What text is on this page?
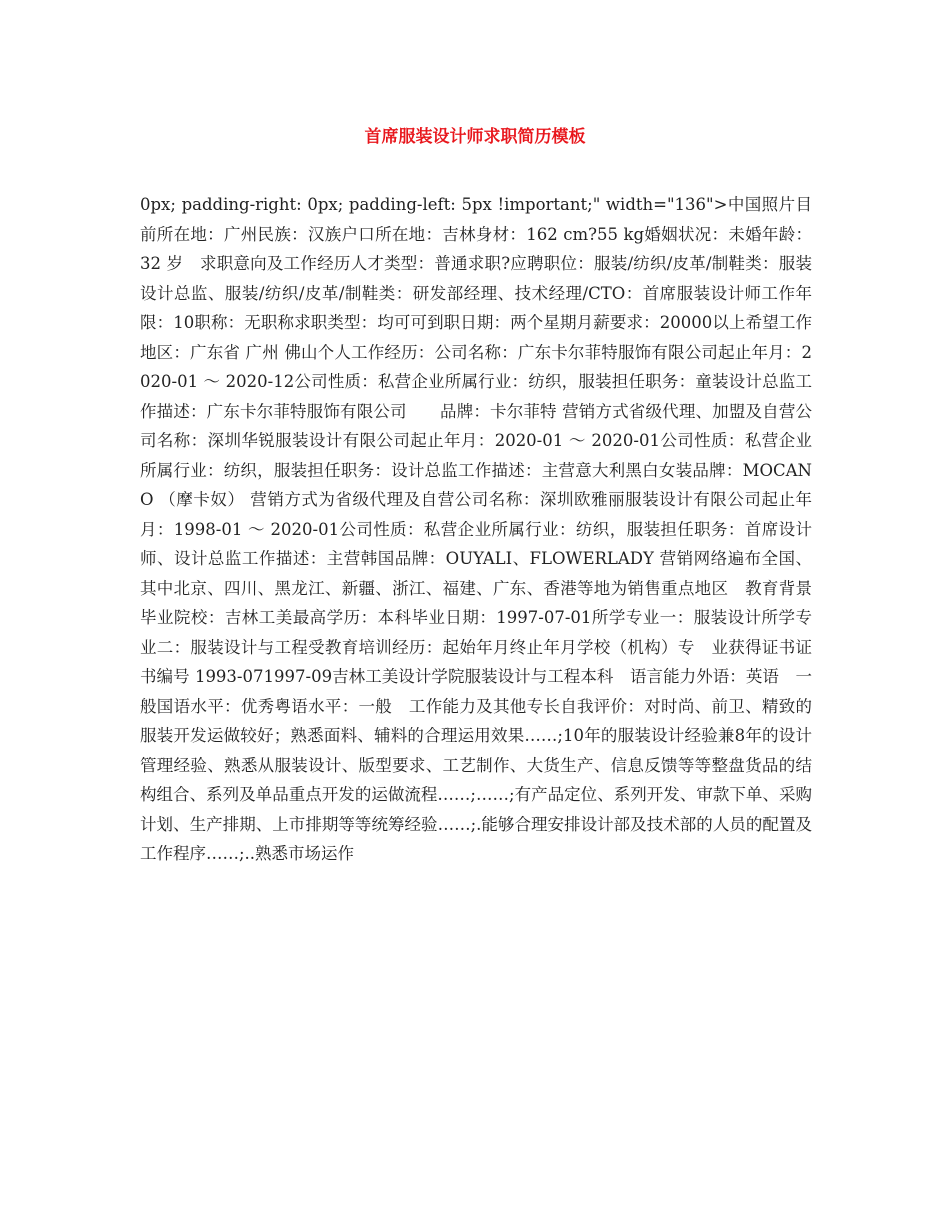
首席服装设计师求职简历模板

0px; padding-right: 0px; padding-left: 5px !important;" width="136">中国照片目前所在地：广州民族：汉族户口所在地：吉林身材：162 cm?55 kg婚姻状况：未婚年龄：32 岁　求职意向及工作经历人才类型：普通求职?应聘职位：服装/纺织/皮革/制鞋类：服装设计总监、服装/纺织/皮革/制鞋类：研发部经理、技术经理/CTO：首席服装设计师工作年限：10职称：无职称求职类型：均可可到职日期：两个星期月薪要求：20000以上希望工作地区：广东省 广州 佛山个人工作经历：公司名称：广东卡尔菲特服饰有限公司起止年月：2020-01 ～ 2020-12公司性质：私营企业所属行业：纺织，服装担任职务：童装设计总监工作描述：广东卡尔菲特服饰有限公司　　品牌：卡尔菲特 营销方式省级代理、加盟及自营公司名称：深圳华锐服装设计有限公司起止年月：2020-01 ～ 2020-01公司性质：私营企业所属行业：纺织，服装担任职务：设计总监工作描述：主营意大利黑白女装品牌：MOCANO （摩卡奴） 营销方式为省级代理及自营公司名称：深圳欧雅丽服装设计有限公司起止年月：1998-01 ～ 2020-01公司性质：私营企业所属行业：纺织，服装担任职务：首席设计师、设计总监工作描述：主营韩国品牌：OUYALI、FLOWERLADY 营销网络遍布全国、其中北京、四川、黑龙江、新疆、浙江、福建、广东、香港等地为销售重点地区　教育背景毕业院校：吉林工美最高学历：本科毕业日期：1997-07-01所学专业一：服装设计所学专业二：服装设计与工程受教育培训经历：起始年月终止年月学校（机构）专　业获得证书证书编号 1993-071997-09吉林工美设计学院服装设计与工程本科　语言能力外语：英语　一般国语水平：优秀粤语水平：一般　工作能力及其他专长自我评价：对时尚、前卫、精致的服装开发运做较好；熟悉面料、辅料的合理运用效果……;10年的服装设计经验兼8年的设计管理经验、熟悉从服装设计、版型要求、工艺制作、大货生产、信息反馈等等整盘货品的结构组合、系列及单品重点开发的运做流程……;……;有产品定位、系列开发、审款下单、采购计划、生产排期、上市排期等等统筹经验……;.能够合理安排设计部及技术部的人员的配置及工作程序……;..熟悉市场运作
